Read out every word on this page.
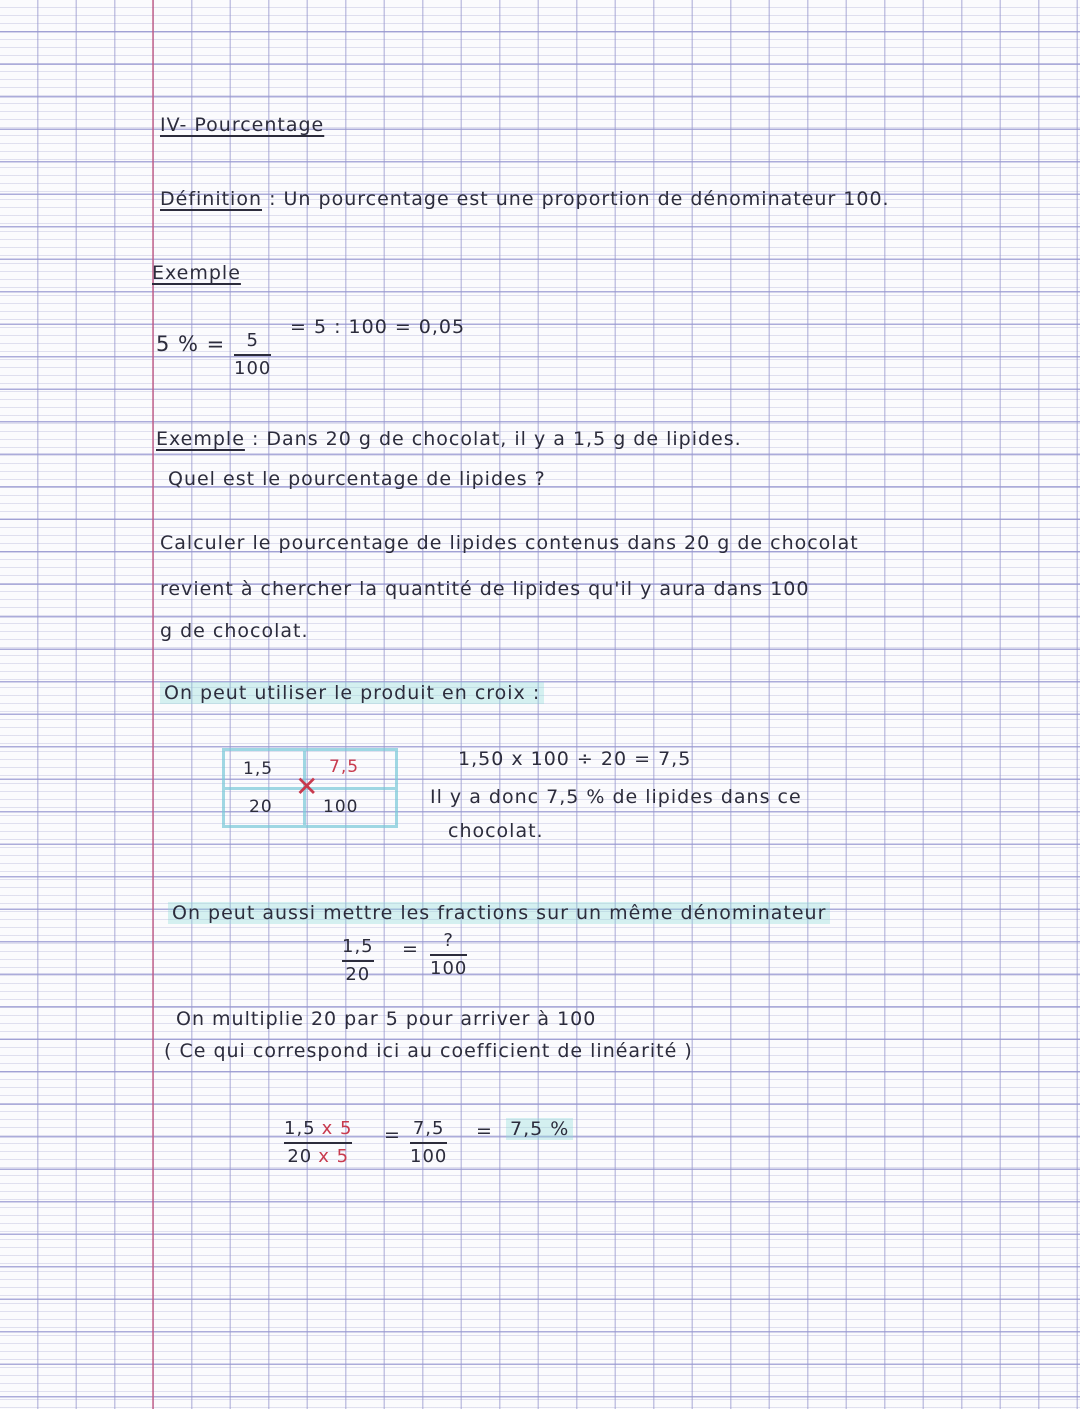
IV- Pourcentage
Définition : Un pourcentage est une proportion de dénominateur 100.
Exemple
5 % = 5
100
= 5 : 100 = 0,05
Exemple : Dans 20 g de chocolat, il y a 1,5 g de lipides.
Quel est le pourcentage de lipides ?
Calculer le pourcentage de lipides contenus dans 20 g de chocolat
revient à chercher la quantité de lipides qu'il y aura dans 100
g de chocolat.
On peut utiliser le produit en croix :
1,5	7,5
20	100
✕
1,50 x 100 ÷ 20 = 7,5
Il y a donc 7,5 % de lipides dans ce
chocolat.
On peut aussi mettre les fractions sur un même dénominateur
1,5
20
= ?
100
On multiplie 20 par 5 pour arriver à 100
( Ce qui correspond ici au coefficient de linéarité )
1,5 x 5
20 x 5
= 7,5
100
= 7,5 %
